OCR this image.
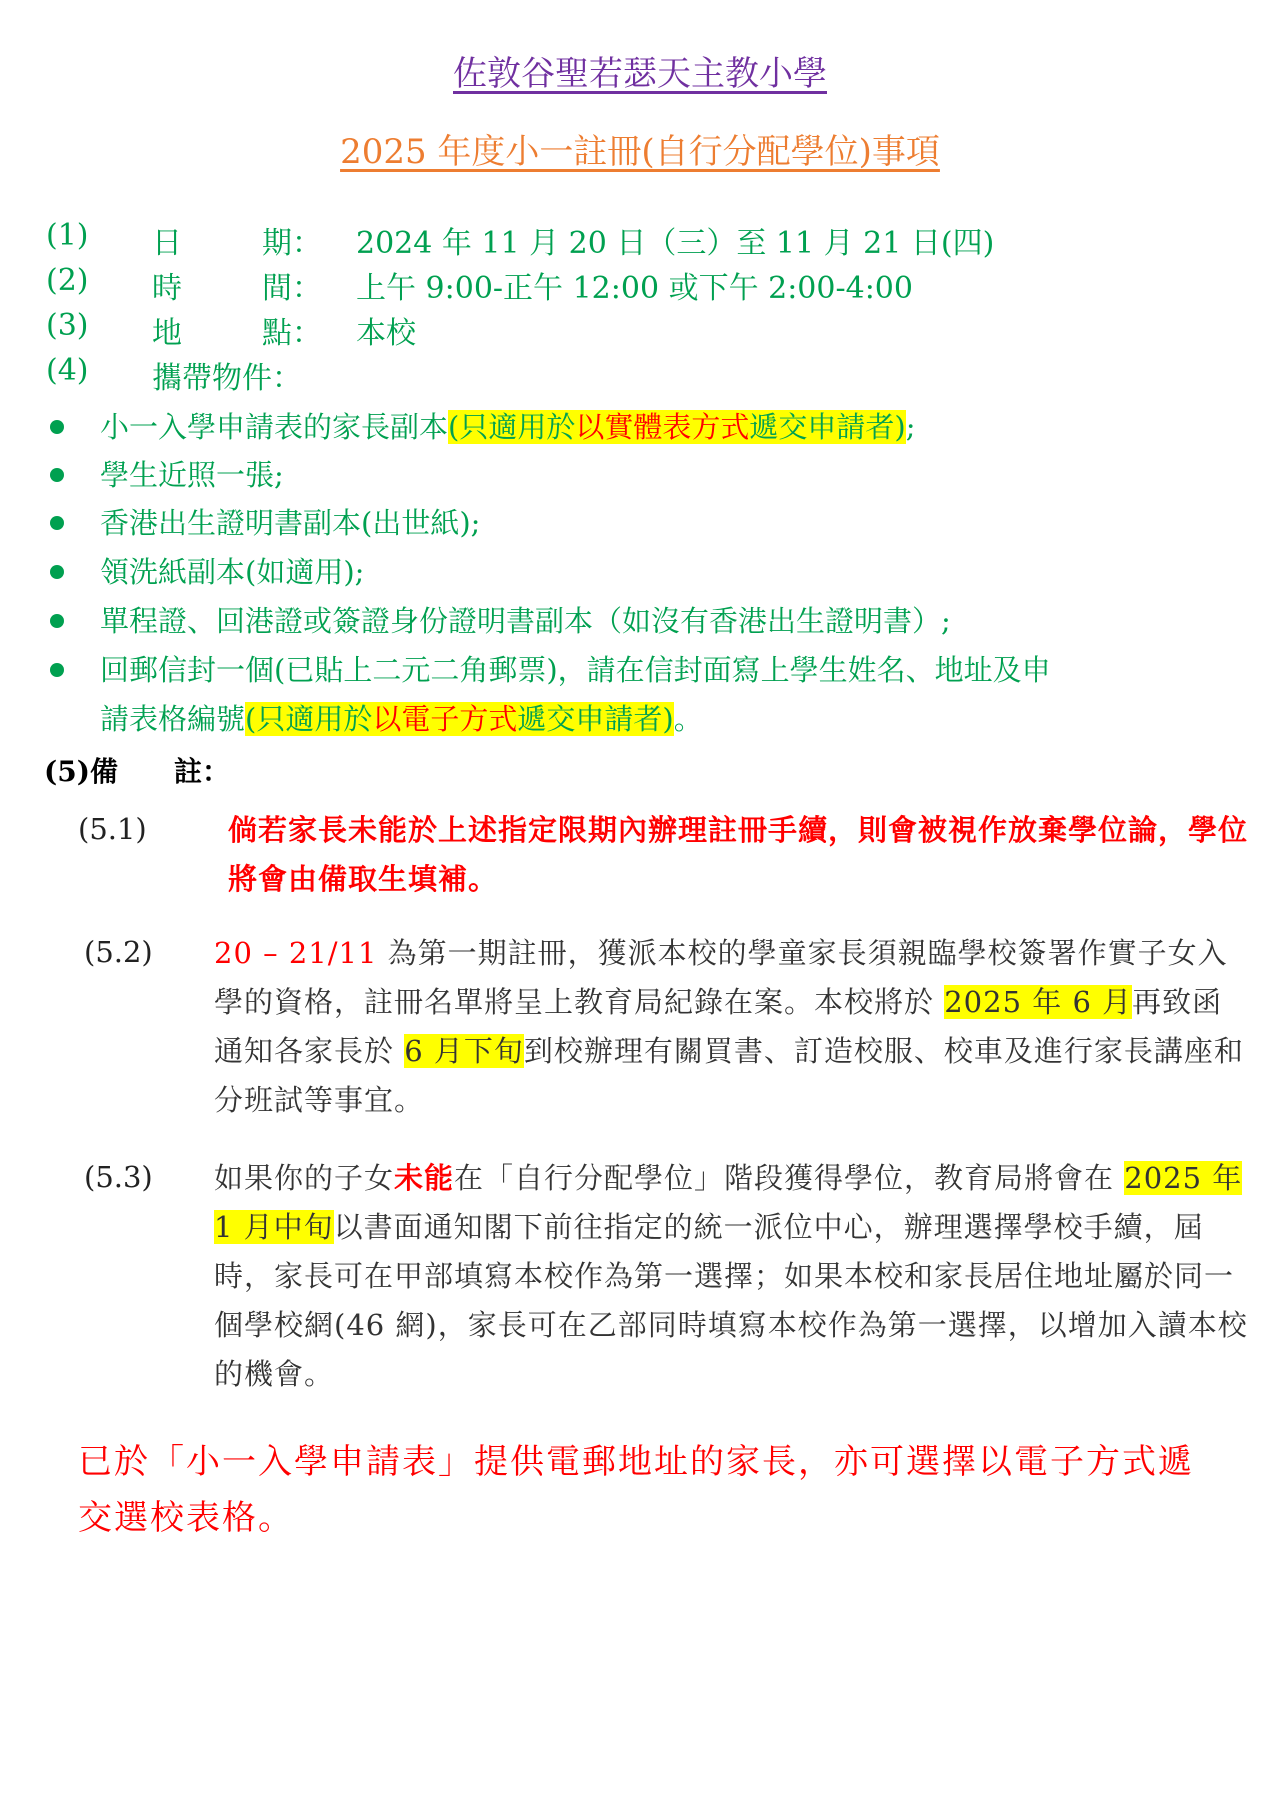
佐敦谷聖若瑟天主教小學
2025 年度小一註冊(自行分配學位)事項
(1) 日	期： 2024 年 11 月 20 日（三）至 11 月 21 日(四)
(2) 時	間： 上午 9:00-正午 12:00 或下午 2:00-4:00
(3) 地	點： 本校
(4) 攜帶物件：
小一入學申請表的家長副本(只適用於以實體表方式遞交申請者);
學生近照一張;
香港出生證明書副本(出世紙);
領洗紙副本(如適用);
單程證、回港證或簽證身份證明書副本（如沒有香港出生證明書）;
回郵信封一個(已貼上二元二角郵票)，請在信封面寫上學生姓名、地址及申
請表格編號(只適用於以電子方式遞交申請者)。
(5)備　　註：
(5.1)	倘若家長未能於上述指定限期內辦理註冊手續，則會被視作放棄學位論，學位將會由備取生填補。
(5.2) 20 – 21/11 為第一期註冊，獲派本校的學童家長須親臨學校簽署作實子女入學的資格，註冊名單將呈上教育局紀錄在案。本校將於 2025 年 6 月再致函通知各家長於 6 月下旬到校辦理有關買書、訂造校服、校車及進行家長講座和分班試等事宜。
(5.3) 如果你的子女未能在「自行分配學位」階段獲得學位，教育局將會在 2025 年 1 月中旬以書面通知閣下前往指定的統一派位中心，辦理選擇學校手續，屆時，家長可在甲部填寫本校作為第一選擇；如果本校和家長居住地址屬於同一個學校網(46 網)，家長可在乙部同時填寫本校作為第一選擇，以增加入讀本校的機會。
已於「小一入學申請表」提供電郵地址的家長，亦可選擇以電子方式遞交選校表格。
